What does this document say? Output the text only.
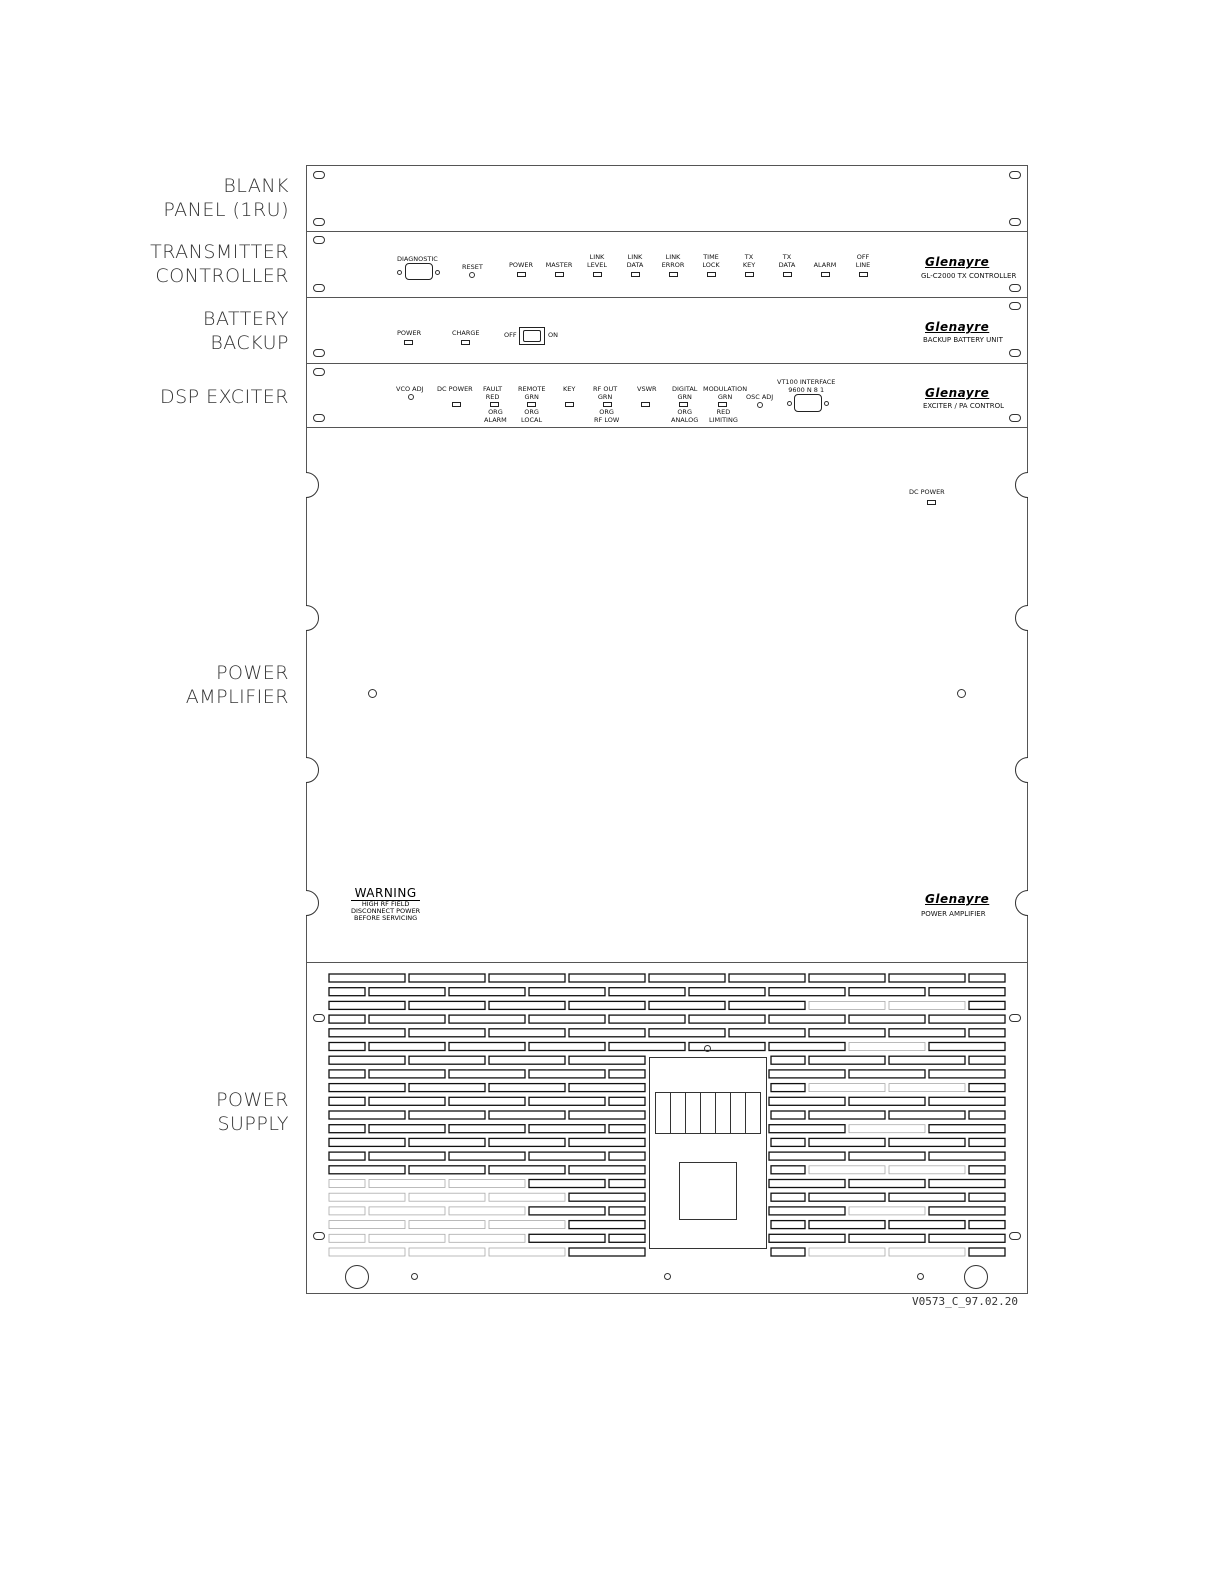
BLANK
PANEL (1RU)
TRANSMITTER
CONTROLLER
BATTERY
BACKUP
DSP EXCITER
POWER
AMPLIFIER
POWER
SUPPLY
DIAGNOSTIC
RESET
	POWER
	MASTER
LINK
LEVEL
LINK
DATA
LINK
ERROR
TIME
LOCK
TX
KEY
TX
DATA
	ALARM
OFF
LINE	Glenayre
GL-C2000 TX CONTROLLER
POWER	CHARGE	OFF	ON
Glenayre
BACKUP BATTERY UNIT
VCO ADJ DC POWER FAULT
RED
ORG
ALARM
REMOTE
GRN
ORG
LOCAL
KEY	RF OUT
GRN
ORG
RF LOW
VSWR DIGITAL
GRN
ORG
ANALOG
MODULATION
GRN
RED
LIMITING
OSC ADJ
VT100 INTERFACE
9600 N 8 1	Glenayre
EXCITER / PA CONTROL
DC POWER
WARNING
HIGH RF FIELD
DISCONNECT POWER
BEFORE SERVICING
Glenayre
POWER AMPLIFIER
V0573_C_97.02.20
